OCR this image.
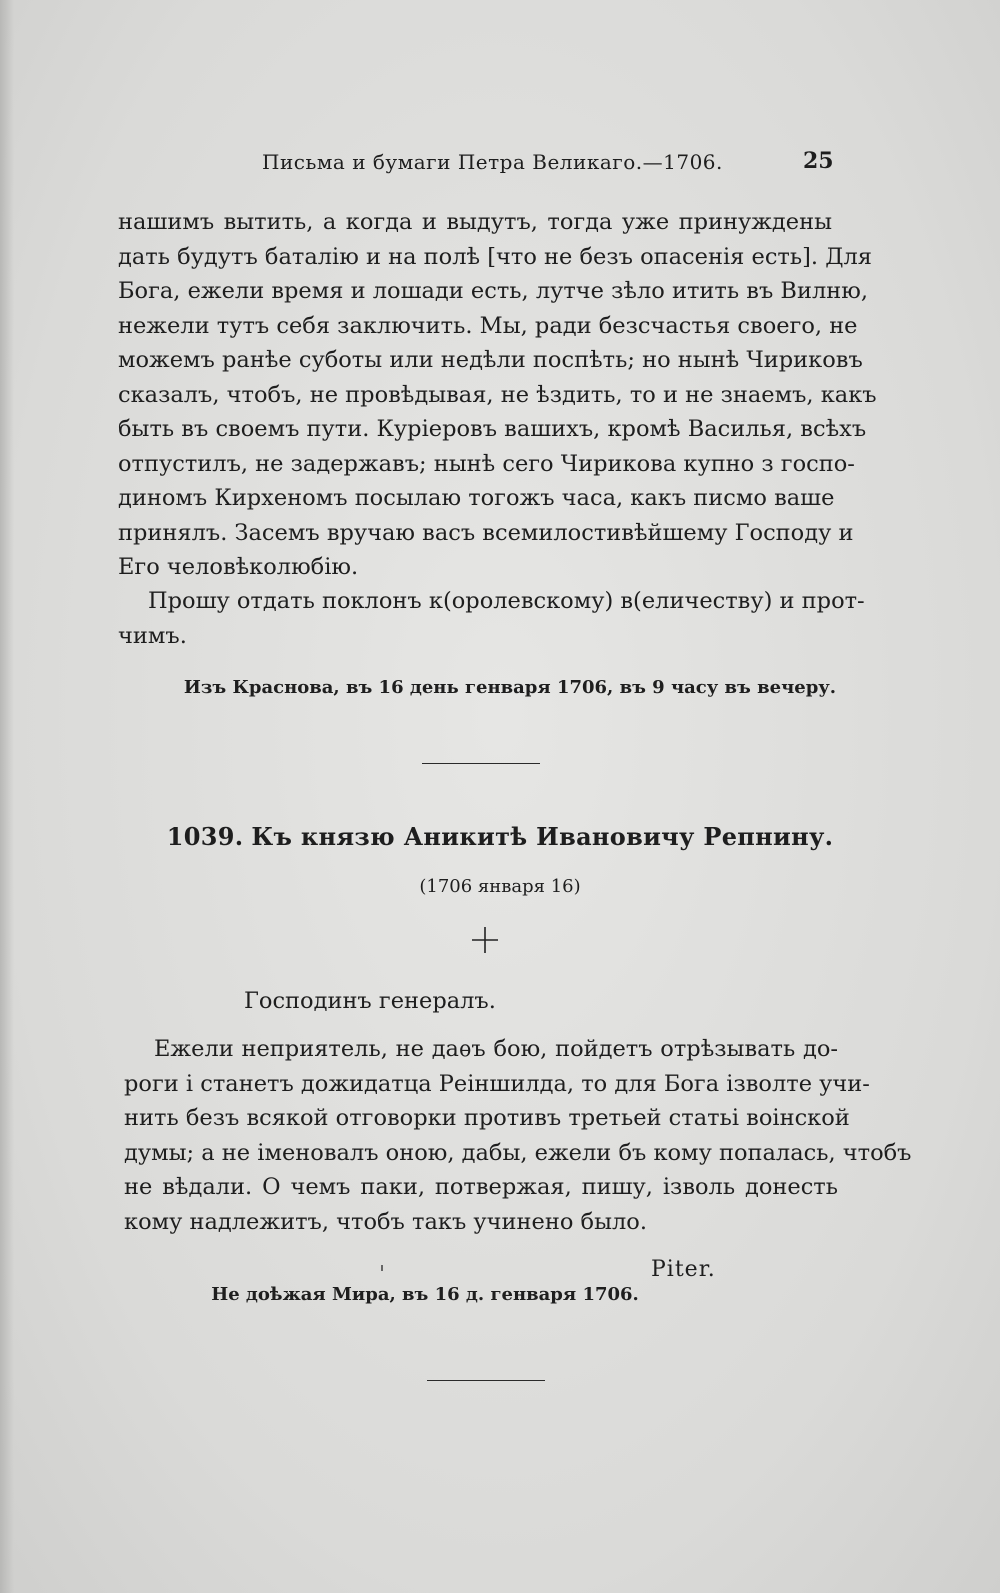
Письма и бумаги Петра Великаго.—1706.	25
нашимъ вытить, а когда и выдутъ, тогда уже принуждены
дать будутъ баталію и на полѣ [что не безъ опасенія есть]. Для
Бога, ежели время и лошади есть, лутче зѣло итить въ Вилню,
нежели тутъ себя заключить. Мы, ради безсчастья своего, не
можемъ ранѣе суботы или недѣли поспѣть; но нынѣ Чириковъ
сказалъ, чтобъ, не провѣдывая, не ѣздить, то и не знаемъ, какъ
быть въ своемъ пути. Куріеровъ вашихъ, кромѣ Василья, всѣхъ
отпустилъ, не задержавъ; нынѣ сего Чирикова купно з госпо-
диномъ Кирхеномъ посылаю тогожъ часа, какъ писмо ваше
принялъ. Засемъ вручаю васъ всемилостивѣйшему Господу и
Его человѣколюбію.
Прошу отдать поклонъ к(оролевскому) в(еличеству) и прот-
чимъ.
Изъ Краснова, въ 16 день генваря 1706, въ 9 часу въ вечеру.
1039. Къ князю Аникитѣ Ивановичу Репнину.
(1706 января 16)
Господинъ генералъ.
Ежели неприятель, не даѳъ бою, пойдетъ отрѣзывать до-
роги і станетъ дожидатца Реіншилда, то для Бога ізволте учи-
нить безъ всякой отговорки противъ третьей статьі воінской
думы; а не іменовалъ оною, дабы, ежели бъ кому попалась, чтобъ
не вѣдали. О чемъ паки, потвержая, пишу, ізволь донесть
кому надлежитъ, чтобъ такъ учинено было.
Piter.
Не доѣжая Мира, въ 16 д. генваря 1706.
